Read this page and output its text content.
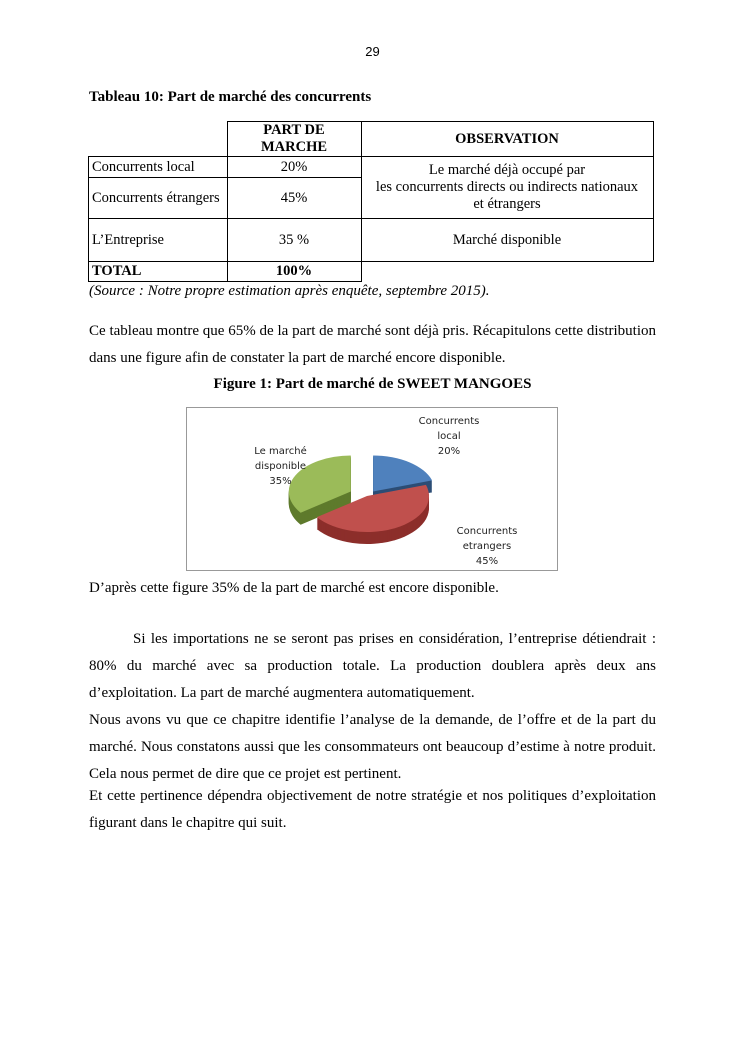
29
Tableau 10: Part de marché des concurrents
	PART DE MARCHE	OBSERVATION
Concurrents local	20%	Le marché déjà occupé par
les concurrents directs ou indirects nationaux
et étrangers

Concurrents étrangers	45%	
L’Entreprise	35 %	Marché disponible
TOTAL	100%	
(Source : Notre propre estimation après enquête, septembre 2015).
Ce tableau montre que 65% de la part de marché sont déjà pris. Récapitulons cette distribution dans une figure afin de constater la part de marché encore disponible.
Figure 1: Part de marché de SWEET MANGOES
Concurrents
local
20%
Concurrents
etrangers
45%
Le marché
disponible
35%
D’après cette figure 35% de la part de marché est encore disponible.
Si les importations ne se seront pas prises en considération, l’entreprise détiendrait : 80% du marché avec sa production totale. La production doublera après deux ans d’exploitation. La part de marché augmentera automatiquement.
Nous avons vu que ce chapitre identifie l’analyse de la demande, de l’offre et de la part du marché. Nous constatons aussi que les consommateurs ont beaucoup d’estime à notre produit. Cela nous permet de dire que ce projet est pertinent.
Et cette pertinence dépendra objectivement de notre stratégie et nos politiques d’exploitation figurant dans le chapitre qui suit.
